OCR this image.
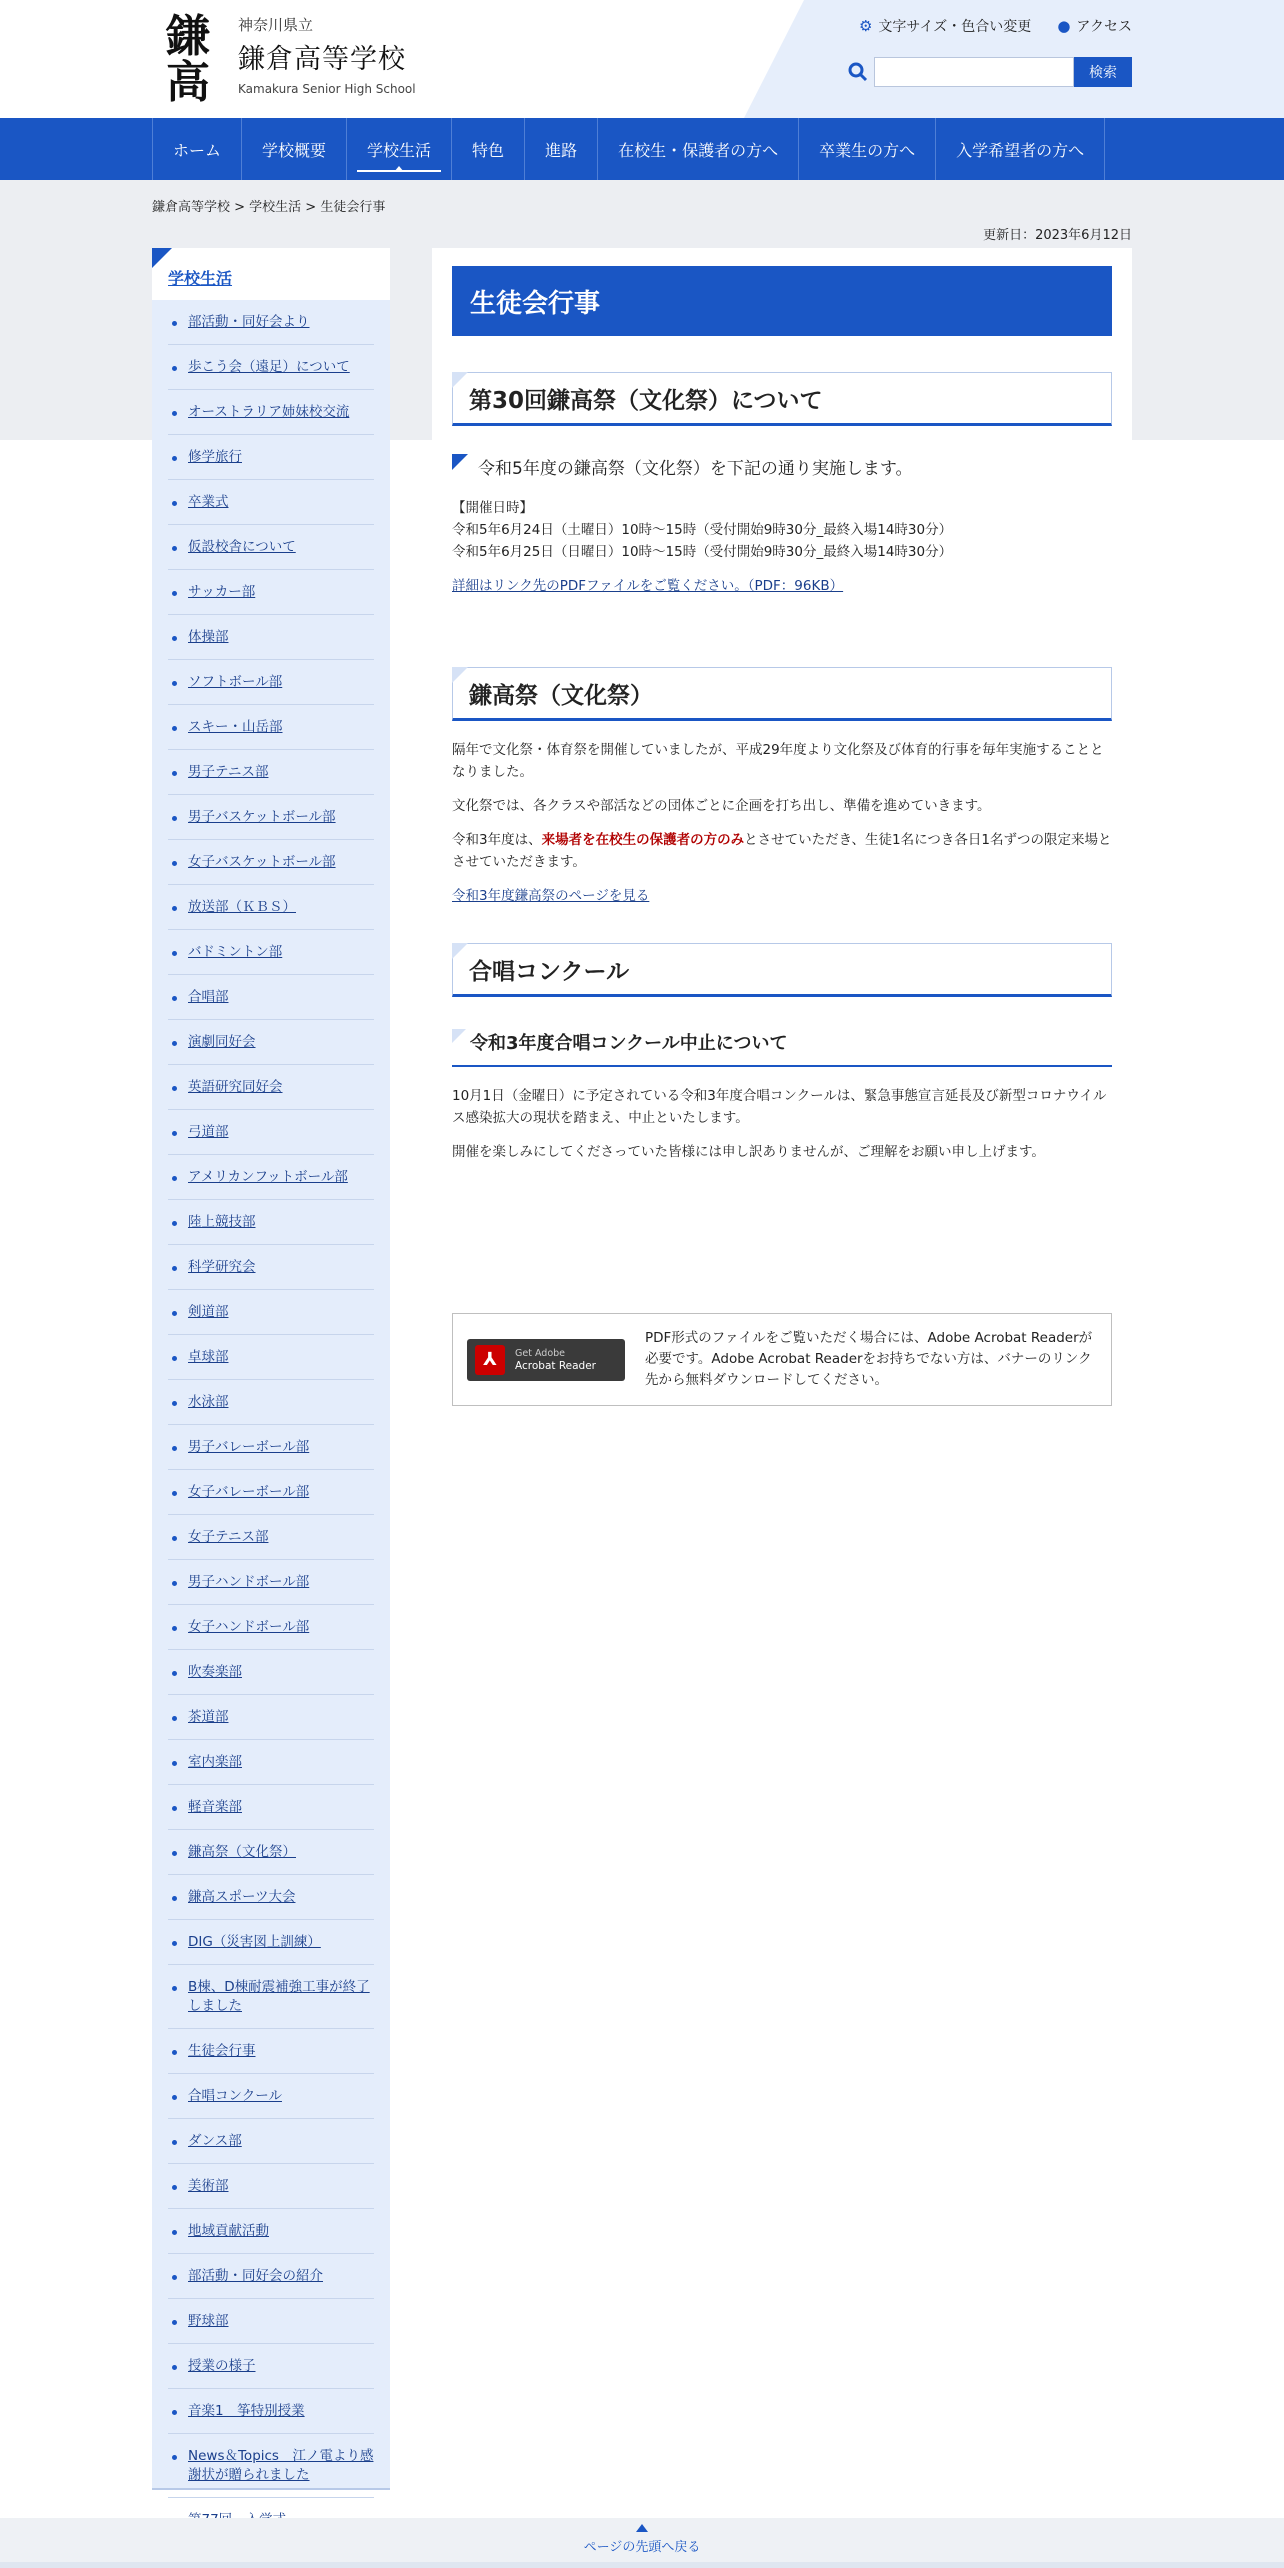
鎌
高
神奈川県立
鎌倉高等学校
Kamakura Senior High School
⚙ 文字サイズ・色合い変更 ● アクセス
検索
ホーム	学校概要	学校生活	特色	進路	在校生・保護者の方へ	卒業生の方へ	入学希望者の方へ
鎌倉高等学校 > 学校生活 > 生徒会行事
更新日：2023年6月12日
学校生活
部活動・同好会より
歩こう会（遠足）について
オーストラリア姉妹校交流
修学旅行
卒業式
仮設校舎について
サッカー部
体操部
ソフトボール部
スキー・山岳部
男子テニス部
男子バスケットボール部
女子バスケットボール部
放送部（ＫＢＳ）
バドミントン部
合唱部
演劇同好会
英語研究同好会
弓道部
アメリカンフットボール部
陸上競技部
科学研究会
剣道部
卓球部
水泳部
男子バレーボール部
女子バレーボール部
女子テニス部
男子ハンドボール部
女子ハンドボール部
吹奏楽部
茶道部
室内楽部
軽音楽部
鎌高祭（文化祭）
鎌高スポーツ大会
DIG（災害図上訓練）
B棟、D棟耐震補強工事が終了しました
生徒会行事
合唱コンクール
ダンス部
美術部
地域貢献活動
部活動・同好会の紹介
野球部
授業の様子
音楽1　筝特別授業
News＆Topics　江ノ電より感謝状が贈られました
生徒会行事
第30回鎌高祭（文化祭）について
令和5年度の鎌高祭（文化祭）を下記の通り実施します。

【開催日時】

令和5年6月24日（土曜日）10時～15時（受付開始9時30分_最終入場14時30分）

令和5年6月25日（日曜日）10時～15時（受付開始9時30分_最終入場14時30分）

詳細はリンク先のPDFファイルをご覧ください。（PDF：96KB）

鎌高祭（文化祭）

隔年で文化祭・体育祭を開催していましたが、平成29年度より文化祭及び体育的行事を毎年実施することとなりました。

文化祭では、各クラスや部活などの団体ごとに企画を打ち出し、準備を進めていきます。

令和3年度は、来場者を在校生の保護者の方のみとさせていただき、生徒1名につき各日1名ずつの限定来場とさせていただきます。

令和3年度鎌高祭のページを見る

合唱コンクール
令和3年度合唱コンクール中止について

10月1日（金曜日）に予定されている令和3年度合唱コンクールは、緊急事態宣言延長及び新型コロナウイルス感染拡大の現状を踏まえ、中止といたします。

開催を楽しみにしてくださっていた皆様には申し訳ありませんが、ご理解をお願い申し上げます。

⅄	Get Adobe
Acrobat Reader
PDF形式のファイルをご覧いただく場合には、Adobe Acrobat Readerが必要です。Adobe Acrobat Readerをお持ちでない方は、バナーのリンク先から無料ダウンロードしてください。
ページの先頭へ戻る
